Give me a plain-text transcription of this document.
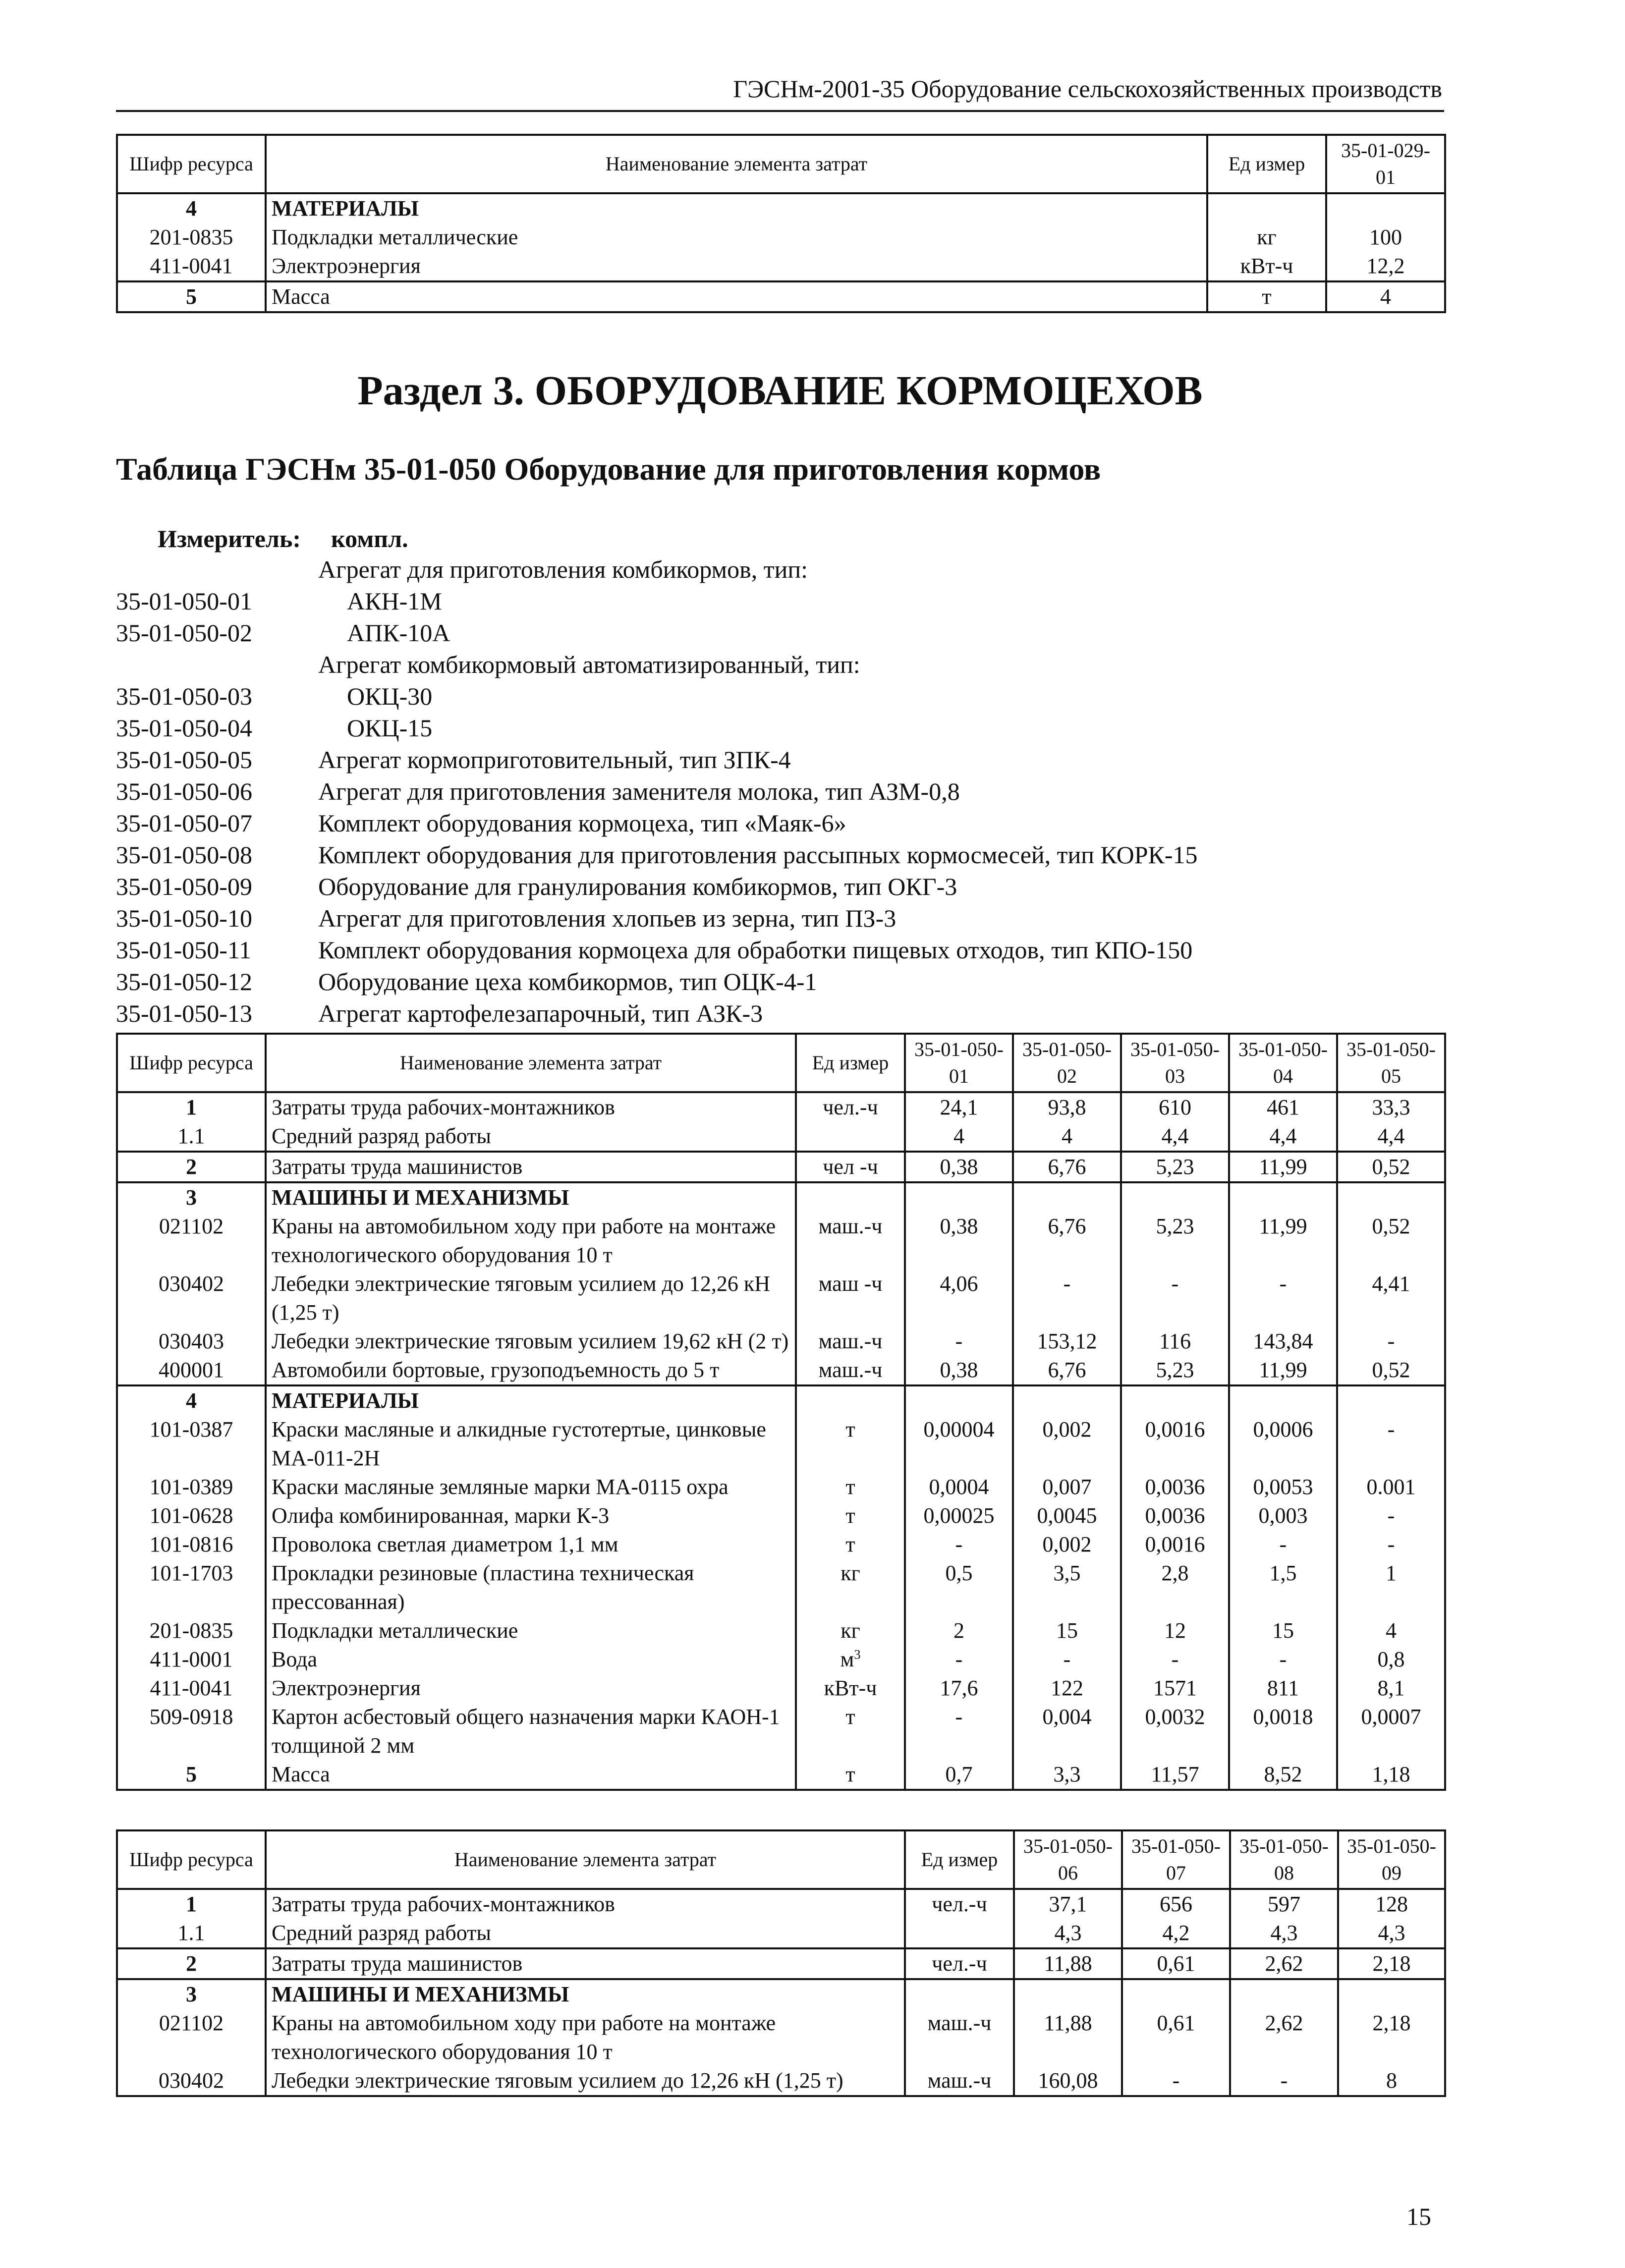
ГЭСНм-2001-35 Оборудование сельскохозяйственных производств
Шифр ресурса	Наименование элемента затрат	Ед измер	35-01-029-01
4	МАТЕРИАЛЫ		
201-0835	Подкладки металлические	кг	100
411-0041	Электроэнергия	кВт-ч	12,2
5	Масса	т	4
Раздел 3. ОБОРУДОВАНИЕ КОРМОЦЕХОВ
Таблица ГЭСНм 35-01-050 Оборудование для приготовления кормов
Измеритель: компл.
Агрегат для приготовления комбикормов, тип:
35-01-050-01	АКН-1М
35-01-050-02	АПК-10А
Агрегат комбикормовый автоматизированный, тип:
35-01-050-03	ОКЦ-30
35-01-050-04	ОКЦ-15
35-01-050-05	Агрегат кормоприготовительный, тип ЗПК-4
35-01-050-06	Агрегат для приготовления заменителя молока, тип АЗМ-0,8
35-01-050-07	Комплект оборудования кормоцеха, тип «Маяк-6»
35-01-050-08	Комплект оборудования для приготовления рассыпных кормосмесей, тип КОРК-15
35-01-050-09	Оборудование для гранулирования комбикормов, тип ОКГ-3
35-01-050-10	Агрегат для приготовления хлопьев из зерна, тип ПЗ-3
35-01-050-11	Комплект оборудования кормоцеха для обработки пищевых отходов, тип КПО-150
35-01-050-12	Оборудование цеха комбикормов, тип ОЦК-4-1
35-01-050-13	Агрегат картофелезапарочный, тип АЗК-3
Шифр ресурса	Наименование элемента затрат	Ед измер	35-01-050-01	35-01-050-02	35-01-050-03	35-01-050-04	35-01-050-05
1	Затраты труда рабочих-монтажников	чел.-ч	24,1	93,8	610	461	33,3
1.1	Средний разряд работы		4	4	4,4	4,4	4,4
2	Затраты труда машинистов	чел -ч	0,38	6,76	5,23	11,99	0,52
3	МАШИНЫ И МЕХАНИЗМЫ						
021102	Краны на автомобильном ходу при работе на монтаже технологического оборудования 10 т	маш.-ч	0,38	6,76	5,23	11,99	0,52
030402	Лебедки электрические тяговым усилием до 12,26 кН (1,25 т)	маш -ч	4,06	-	-	-	4,41
030403	Лебедки электрические тяговым усилием 19,62 кН (2 т)	маш.-ч	-	153,12	116	143,84	-
400001	Автомобили бортовые, грузоподъемность до 5 т	маш.-ч	0,38	6,76	5,23	11,99	0,52
4	МАТЕРИАЛЫ						
101-0387	Краски масляные и алкидные густотертые, цинковые МА-011-2Н	т	0,00004	0,002	0,0016	0,0006	-
101-0389	Краски масляные земляные марки МА-0115 охра	т	0,0004	0,007	0,0036	0,0053	0.001
101-0628	Олифа комбинированная, марки К-3	т	0,00025	0,0045	0,0036	0,003	-
101-0816	Проволока светлая диаметром 1,1 мм	т	-	0,002	0,0016	-	-
101-1703	Прокладки резиновые (пластина техническая прессованная)	кг	0,5	3,5	2,8	1,5	1
201-0835	Подкладки металлические	кг	2	15	12	15	4
411-0001	Вода	$м^3$	-	-	-	-	0,8
411-0041	Электроэнергия	кВт-ч	17,6	122	1571	811	8,1
509-0918	Картон асбестовый общего назначения марки КАОН-1 толщиной 2 мм	т	-	0,004	0,0032	0,0018	0,0007
5	Масса	т	0,7	3,3	11,57	8,52	1,18
Шифр ресурса	Наименование элемента затрат	Ед измер	35-01-050-06	35-01-050-07	35-01-050-08	35-01-050-09
1	Затраты труда рабочих-монтажников	чел.-ч	37,1	656	597	128
1.1	Средний разряд работы		4,3	4,2	4,3	4,3
2	Затраты труда машинистов	чел.-ч	11,88	0,61	2,62	2,18
3	МАШИНЫ И МЕХАНИЗМЫ					
021102	Краны на автомобильном ходу при работе на монтаже технологического оборудования 10 т	маш.-ч	11,88	0,61	2,62	2,18
030402	Лебедки электрические тяговым усилием до 12,26 кН (1,25 т)	маш.-ч	160,08	-	-	8
15
